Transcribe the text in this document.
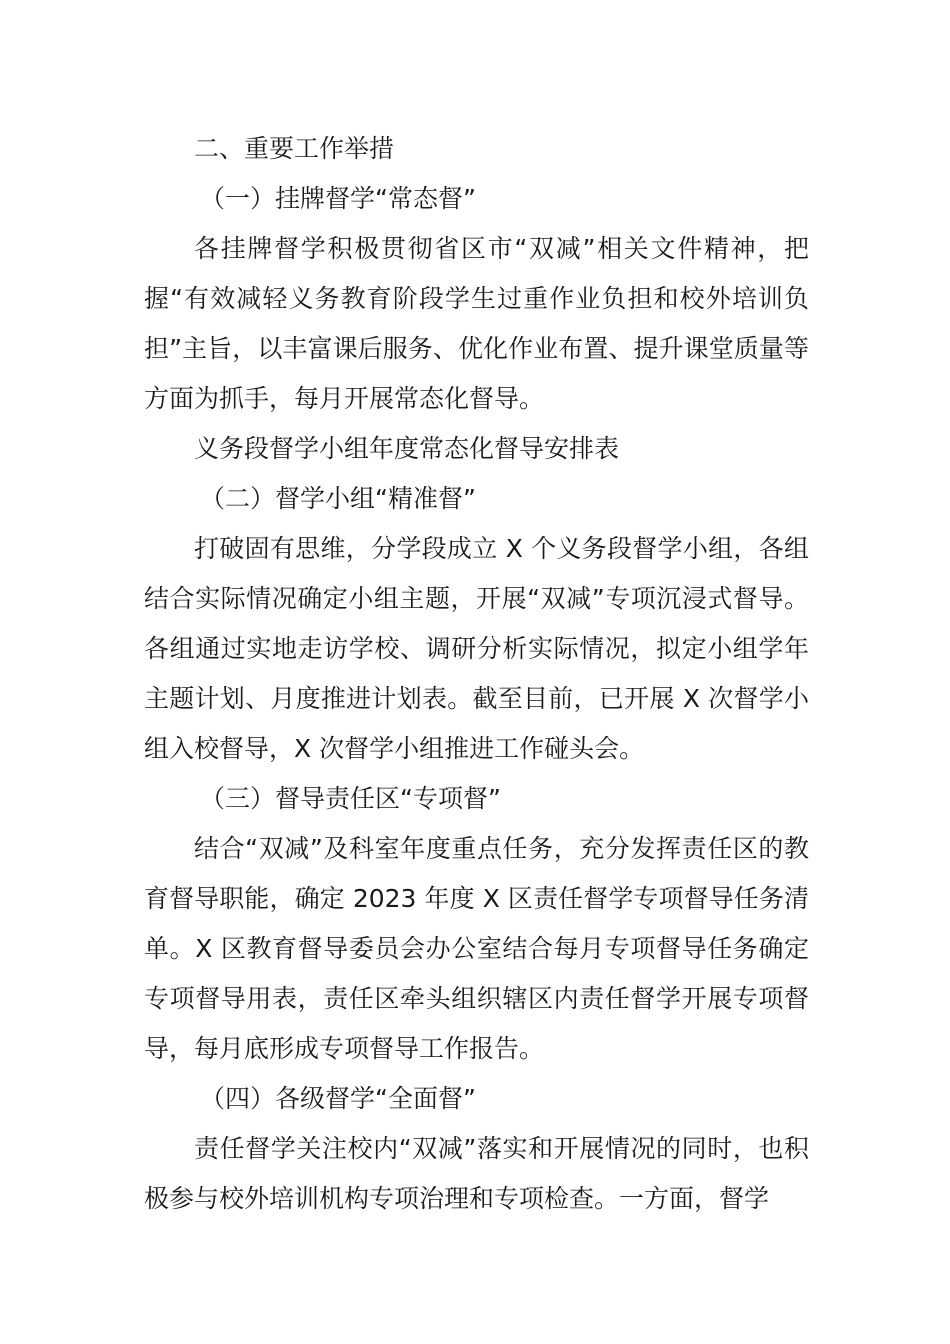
二、重要工作举措

（一）挂牌督学“常态督”

各挂牌督学积极贯彻省区市“双减”相关文件精神，把握“有效减轻义务教育阶段学生过重作业负担和校外培训负担”主旨，以丰富课后服务、优化作业布置、提升课堂质量等方面为抓手，每月开展常态化督导。

义务段督学小组年度常态化督导安排表

（二）督学小组“精准督”

打破固有思维，分学段成立 X 个义务段督学小组，各组结合实际情况确定小组主题，开展“双减”专项沉浸式督导。各组通过实地走访学校、调研分析实际情况，拟定小组学年主题计划、月度推进计划表。截至目前，已开展 X 次督学小组入校督导，X 次督学小组推进工作碰头会。

（三）督导责任区“专项督”

结合“双减”及科室年度重点任务，充分发挥责任区的教育督导职能，确定 2023 年度 X 区责任督学专项督导任务清单。X 区教育督导委员会办公室结合每月专项督导任务确定专项督导用表，责任区牵头组织辖区内责任督学开展专项督导，每月底形成专项督导工作报告。

（四）各级督学“全面督”

责任督学关注校内“双减”落实和开展情况的同时，也积极参与校外培训机构专项治理和专项检查。一方面，督学
